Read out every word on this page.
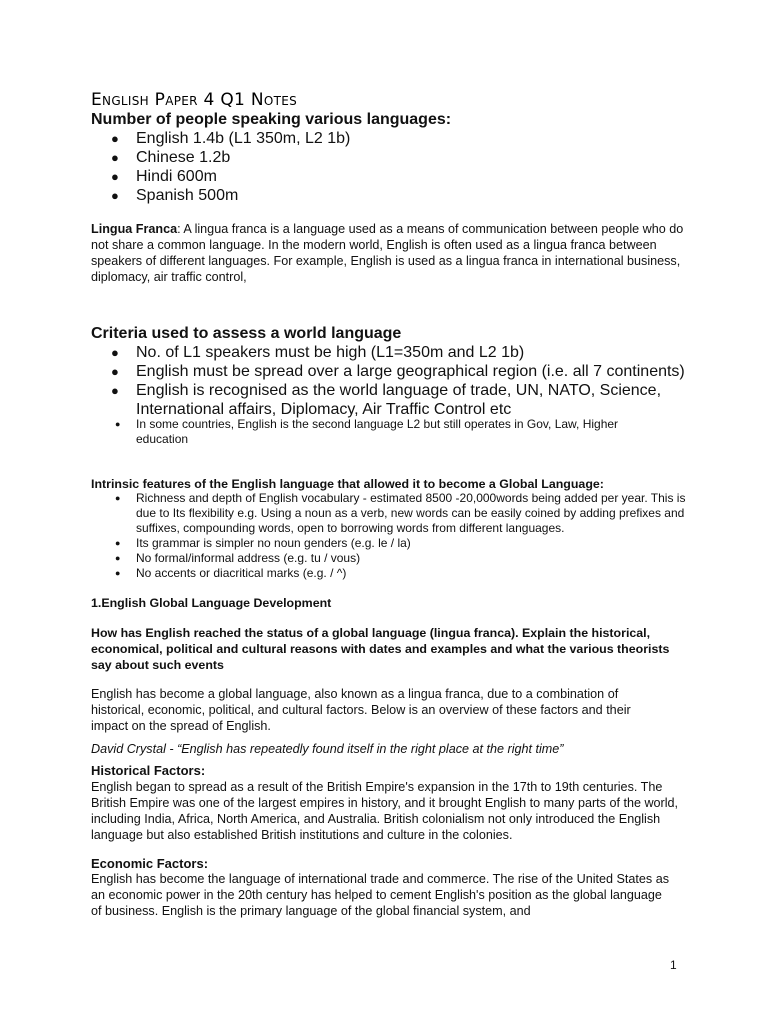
English Paper 4 Q1 Notes

Number of people speaking various languages:

● English 1.4b (L1 350m, L2 1b)
● Chinese 1.2b
● Hindi 600m
● Spanish 500m

Lingua Franca: A lingua franca is a language used as a means of communication between people who do not share a common language. In the modern world, English is often used as a lingua franca between speakers of different languages. For example, English is used as a lingua franca in international business, diplomacy, air traffic control,

Criteria used to assess a world language

● No. of L1 speakers must be high (L1=350m and L2 1b)
● English must be spread over a large geographical region (i.e. all 7 continents)
● English is recognised as the world language of trade, UN, NATO, Science, International affairs, Diplomacy, Air Traffic Control etc
● In some countries, English is the second language L2 but still operates in Gov, Law, Higher education

Intrinsic features of the English language that allowed it to become a Global Language:

● Richness and depth of English vocabulary - estimated 8500 -20,000words being added per year. This is due to Its flexibility e.g. Using a noun as a verb, new words can be easily coined by adding prefixes and suffixes, compounding words, open to borrowing words from different languages.
● Its grammar is simpler no noun genders (e.g. le / la)
● No formal/informal address (e.g. tu / vous)
● No accents or diacritical marks (e.g. / ^)

1.English Global Language Development

How has English reached the status of a global language (lingua franca). Explain the historical, economical, political and cultural reasons with dates and examples and what the various theorists say about such events

English has become a global language, also known as a lingua franca, due to a combination of historical, economic, political, and cultural factors. Below is an overview of these factors and their impact on the spread of English.

David Crystal - “English has repeatedly found itself in the right place at the right time”

Historical Factors:

English began to spread as a result of the British Empire's expansion in the 17th to 19th centuries. The British Empire was one of the largest empires in history, and it brought English to many parts of the world, including India, Africa, North America, and Australia. British colonialism not only introduced the English language but also established British institutions and culture in the colonies.

Economic Factors:

English has become the language of international trade and commerce. The rise of the United States as an economic power in the 20th century has helped to cement English's position as the global language of business. English is the primary language of the global financial system, and

1
